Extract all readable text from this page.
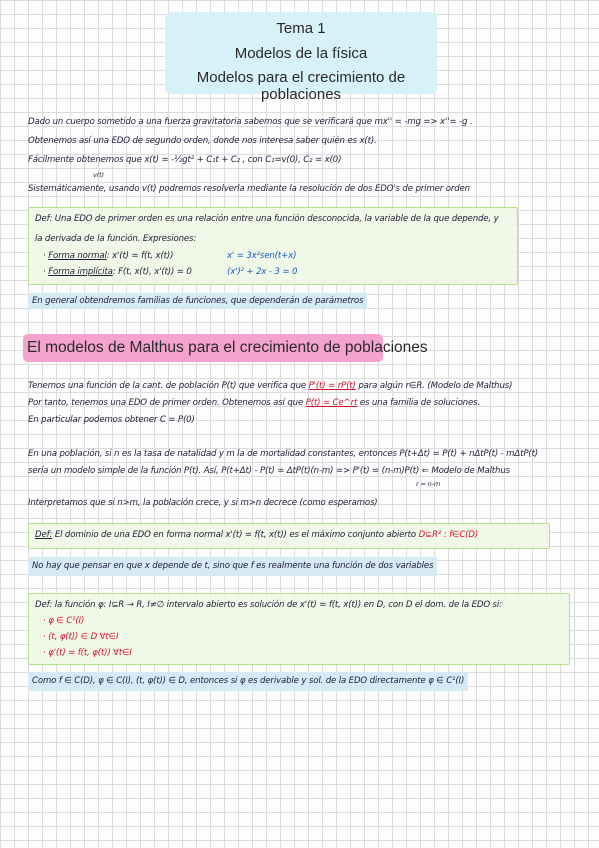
Tema 1
Modelos de la física
Modelos para el crecimiento de poblaciones
Dado un cuerpo sometido a una fuerza gravitatoria sabemos que se verificará que mx'' = -mg => x''= -g .
Obtenemos así una EDO de segundo orden, donde nos interesa saber quién es x(t).
Fácilmente obtenemos que x(t) = -½gt² + C₁t + C₂ , con C₁=v(0), C₂ = x(0)
v(t)
Sistemáticamente, usando v(t) podremos resolverla mediante la resolución de dos EDO's de primer orden
Def: Una EDO de primer orden es una relación entre una función desconocida, la variable de la que depende, y
la derivada de la función. Expresiones:
· Forma normal: x'(t) = f(t, x(t))	x' = 3x²sen(t+x)
· Forma implícita: F(t, x(t), x'(t)) = 0	(x')² + 2x - 3 = 0
En general obtendremos familias de funciones, que dependerán de parámetros
El modelos de Malthus para el crecimiento de poblaciones
Tenemos una función de la cant. de población P(t) que verifica que P'(t) = rP(t) para algún r∈R. (Modelo de Malthus)
Por tanto, tenemos una EDO de primer orden. Obtenemos así que P(t) = Ce^rt es una familia de soluciones.
En particular podemos obtener C = P(0)
En una población, si n es la tasa de natalidad y m la de mortalidad constantes, entonces P(t+Δt) = P(t) + nΔtP(t) - mΔtP(t)
sería un modelo simple de la función P(t). Así, P(t+Δt) - P(t) = ΔtP(t)(n-m) => P'(t) = (n-m)P(t) ⇐ Modelo de Malthus
r = n-m
Interpretamos que si n>m, la población crece, y si m>n decrece (como esperamos)
Def: El dominio de una EDO en forma normal x'(t) = f(t, x(t)) es el máximo conjunto abierto D⊆R² : f∈C(D)
No hay que pensar en que x depende de t, sino que f es realmente una función de dos variables
Def: la función φ: I⊆R → R, I≠∅ intervalo abierto es solución de x'(t) = f(t, x(t)) en D, con D el dom. de la EDO si:
· φ ∈ C¹(I)
· (t, φ(t)) ∈ D ∀t∈I
· φ'(t) = f(t, φ(t)) ∀t∈I
Como f ∈ C(D), φ ∈ C(I), (t, φ(t)) ∈ D, entonces si φ es derivable y sol. de la EDO directamente φ ∈ C¹(I)
